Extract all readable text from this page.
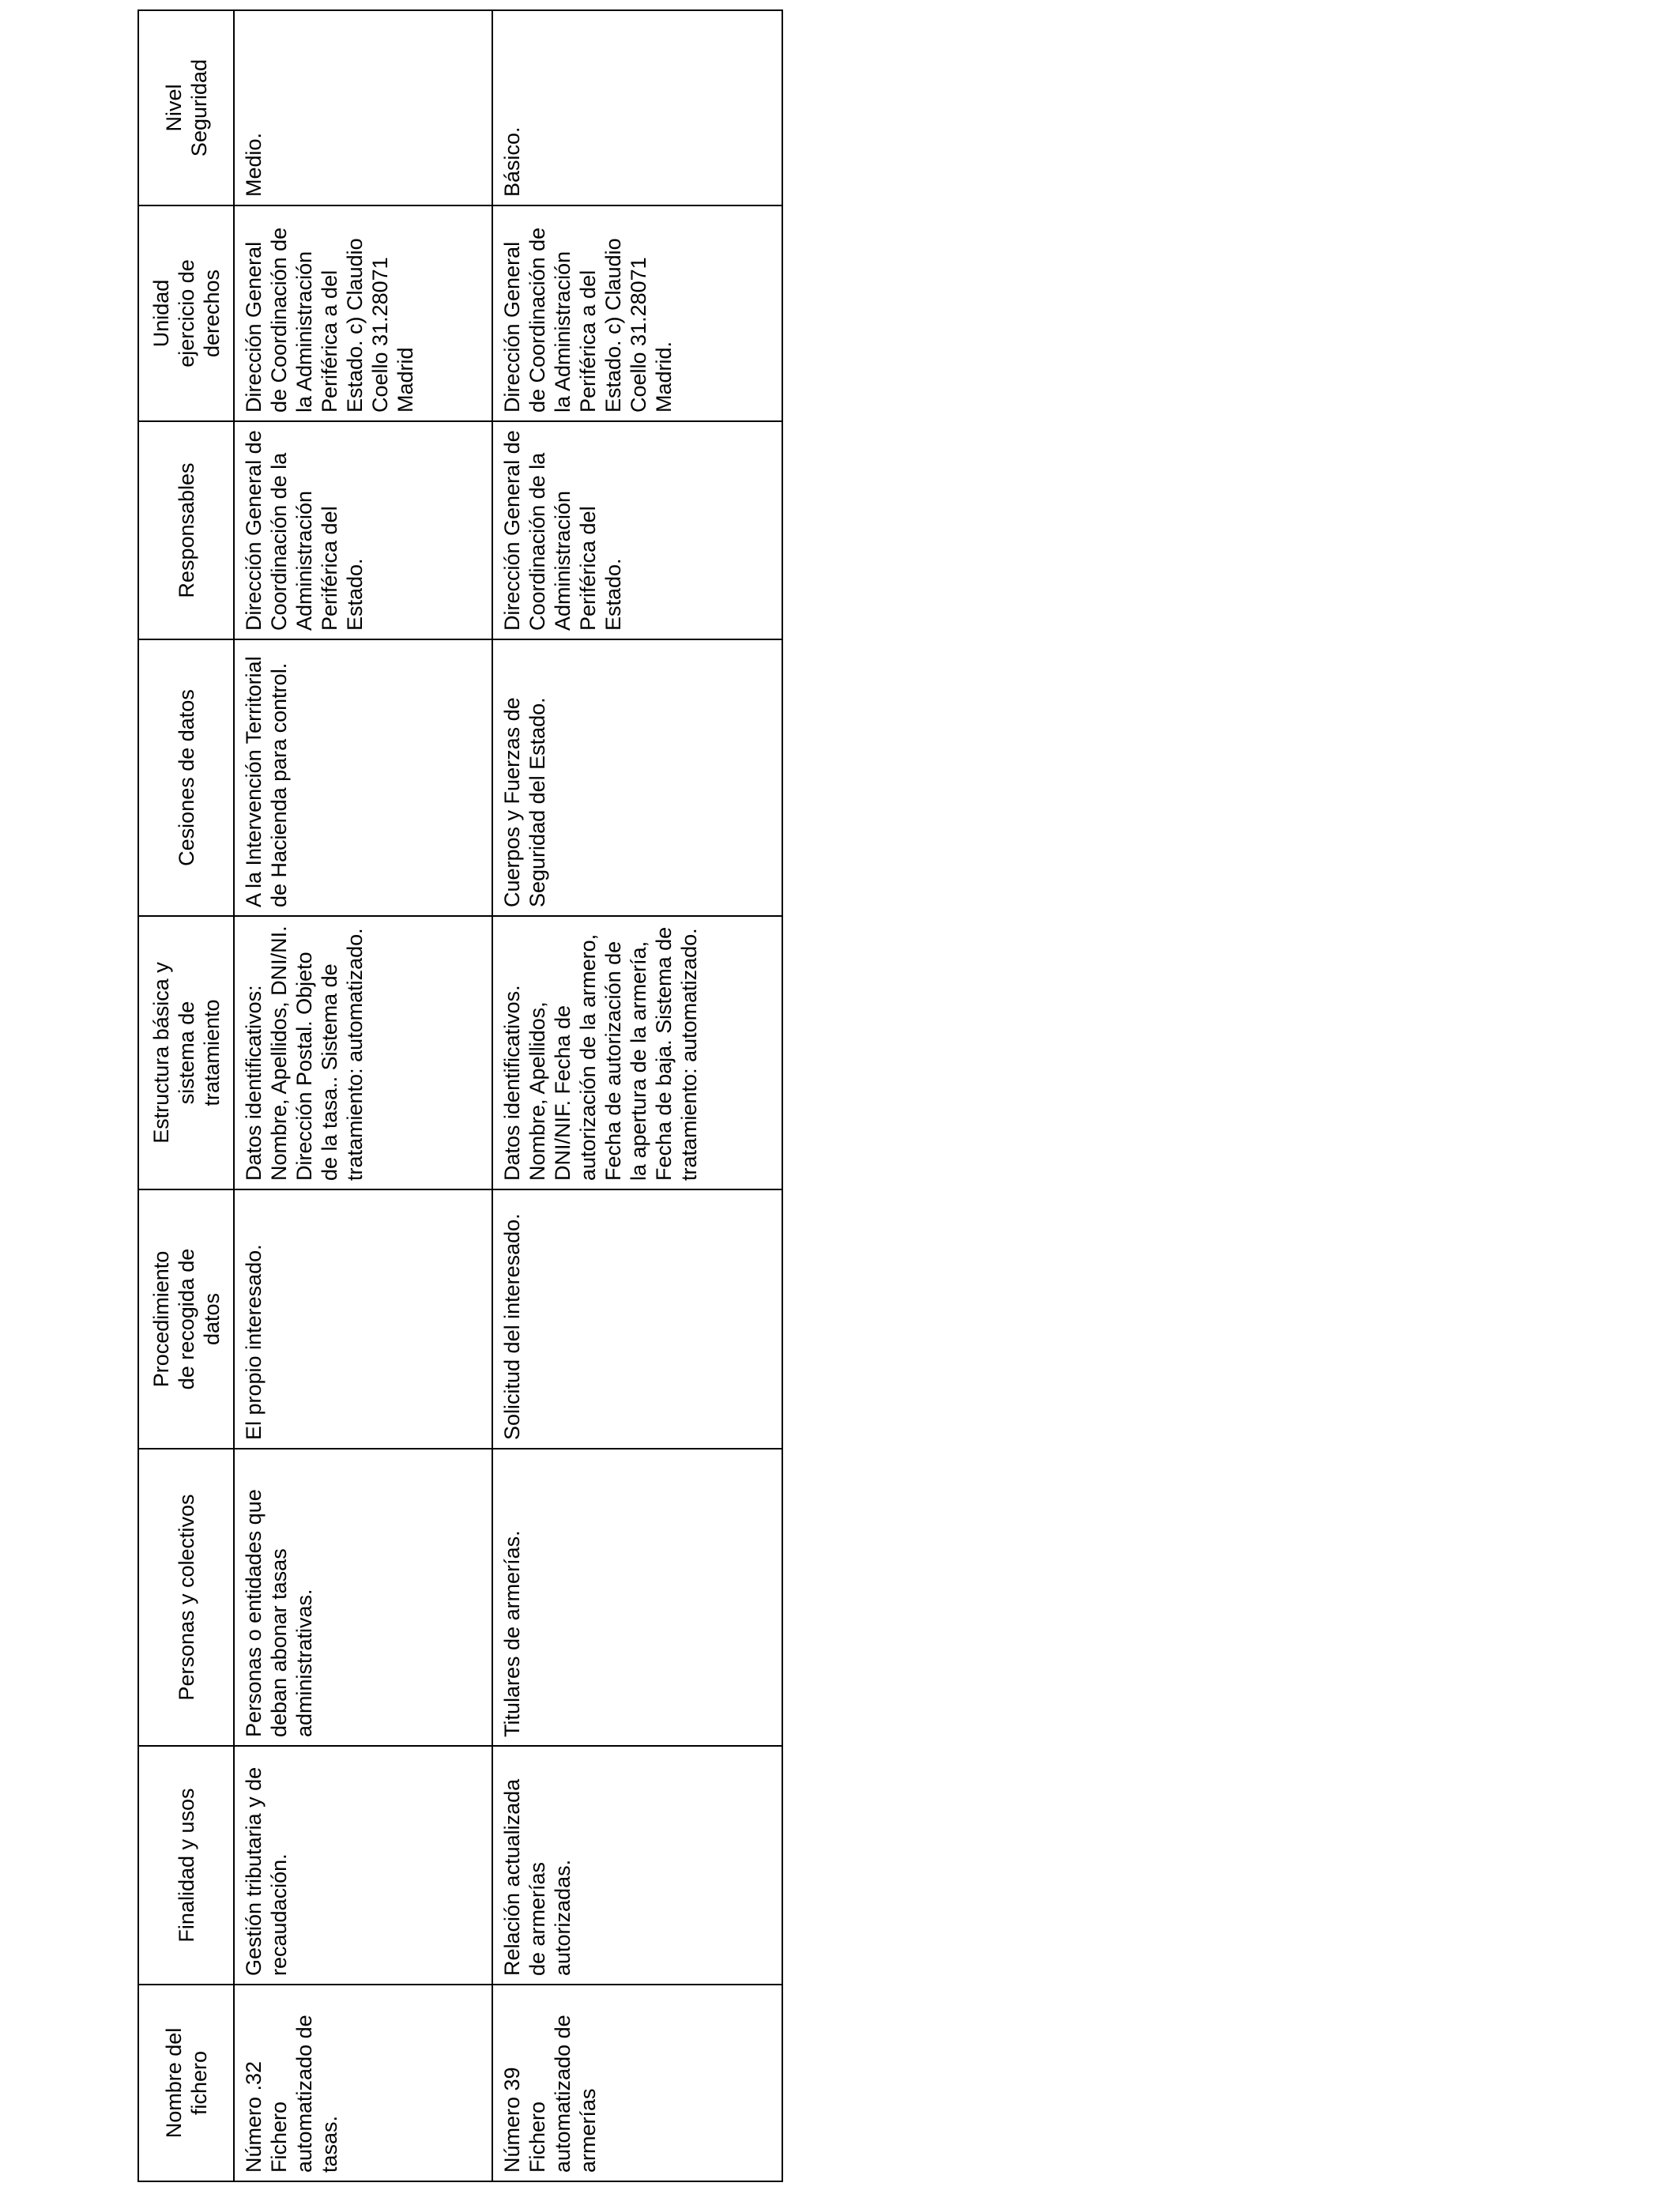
Nombre del fichero	Finalidad y usos	Personas y colectivos	Procedimiento de recogida de datos	Estructura básica y sistema de tratamiento	Cesiones de datos	Responsables	Unidad ejercicio de derechos	Nivel Seguridad
Número .32 Fichero automatizado de tasas.	Gestión tributaria y de recaudación.	Personas o entidades que deban abonar tasas administrativas.	El propio interesado.	Datos identificativos: Nombre, Apellidos, DNI/NI. Dirección Postal. Objeto de la tasa.. Sistema de tratamiento: automatizado.	A la Intervención Territorial de Hacienda para control.	Dirección General de Coordinación de la Administración Periférica del Estado.	Dirección General de Coordinación de la Administración Periférica a del Estado. c) Claudio Coello 31.28071 Madrid	Medio.
Número 39 Fichero automatizado de armerías	Relación actualizada de armerías autorizadas.	Titulares de armerías.	Solicitud del interesado.	Datos identificativos. Nombre, Apellidos, DNI/NIF. Fecha de autorización de la armero, Fecha de autorización de la apertura de la armería, Fecha de baja. Sistema de tratamiento: automatizado.	Cuerpos y Fuerzas de Seguridad del Estado.	Dirección General de Coordinación de la Administración Periférica del Estado.	Dirección General de Coordinación de la Administración Periférica a del Estado. c) Claudio Coello 31.28071 Madrid.	Básico.
